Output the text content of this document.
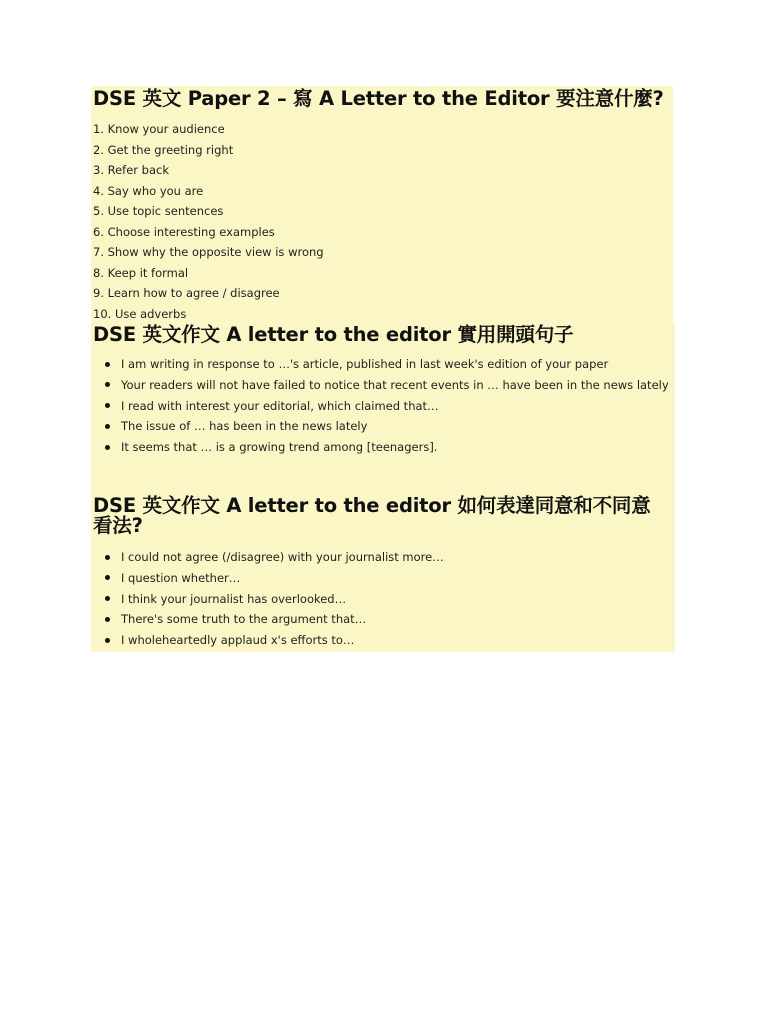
DSE 英文 Paper 2 – 寫 A Letter to the Editor 要注意什麼?
1. Know your audience
2. Get the greeting right
3. Refer back
4. Say who you are
5. Use topic sentences
6. Choose interesting examples
7. Show why the opposite view is wrong
8. Keep it formal
9. Learn how to agree / disagree
10. Use adverbs
DSE 英文作文 A letter to the editor 實用開頭句子
I am writing in response to …'s article, published in last week's edition of your paper
Your readers will not have failed to notice that recent events in … have been in the news lately
I read with interest your editorial, which claimed that…
The issue of … has been in the news lately
It seems that … is a growing trend among [teenagers].
DSE 英文作文 A letter to the editor 如何表達同意和不同意看法?
I could not agree (/disagree) with your journalist more…
I question whether…
I think your journalist has overlooked…
There's some truth to the argument that…
I wholeheartedly applaud x's efforts to…
